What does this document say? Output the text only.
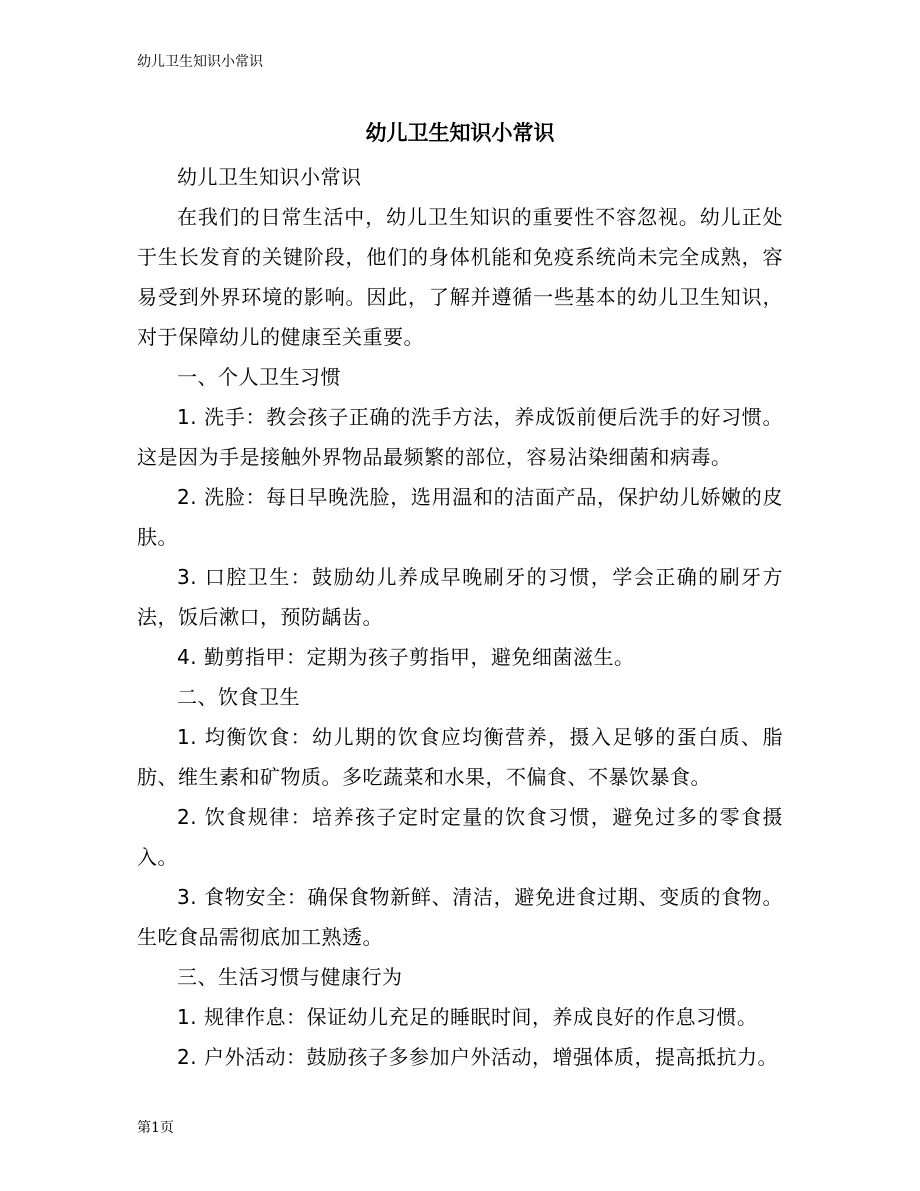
幼儿卫生知识小常识
幼儿卫生知识小常识

幼儿卫生知识小常识

在我们的日常生活中，幼儿卫生知识的重要性不容忽视。幼儿正处于生长发育的关键阶段，他们的身体机能和免疫系统尚未完全成熟，容易受到外界环境的影响。因此，了解并遵循一些基本的幼儿卫生知识，对于保障幼儿的健康至关重要。

一、个人卫生习惯

1. 洗手：教会孩子正确的洗手方法，养成饭前便后洗手的好习惯。这是因为手是接触外界物品最频繁的部位，容易沾染细菌和病毒。

2. 洗脸：每日早晚洗脸，选用温和的洁面产品，保护幼儿娇嫩的皮肤。

3. 口腔卫生：鼓励幼儿养成早晚刷牙的习惯，学会正确的刷牙方法，饭后漱口，预防龋齿。

4. 勤剪指甲：定期为孩子剪指甲，避免细菌滋生。

二、饮食卫生

1. 均衡饮食：幼儿期的饮食应均衡营养，摄入足够的蛋白质、脂肪、维生素和矿物质。多吃蔬菜和水果，不偏食、不暴饮暴食。

2. 饮食规律：培养孩子定时定量的饮食习惯，避免过多的零食摄入。

3. 食物安全：确保食物新鲜、清洁，避免进食过期、变质的食物。生吃食品需彻底加工熟透。

三、生活习惯与健康行为

1. 规律作息：保证幼儿充足的睡眠时间，养成良好的作息习惯。

2. 户外活动：鼓励孩子多参加户外活动，增强体质，提高抵抗力。

第1页
